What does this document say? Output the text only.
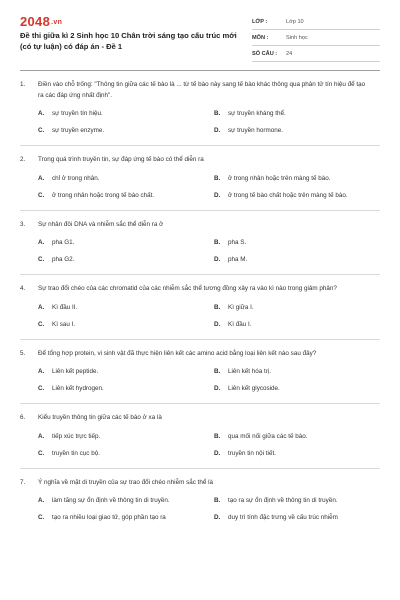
2048.vn
Đề thi giữa kì 2 Sinh học 10 Chân trời sáng tạo cấu trúc mới (có tự luận) có đáp án - Đề 1
LỚP :	Lớp 10
MÔN :	Sinh học
SỐ CÂU :	24
1.	Điền vào chỗ trống: "Thông tin giữa các tế bào là ... từ tế bào này sang tế bào khác thông qua phân tử tín hiệu để tạo ra các đáp ứng nhất định".
A.	sự truyền tín hiệu.	B.	sự truyền kháng thể.
C.	sự truyền enzyme.	D.	sự truyền hormone.
2.	Trong quá trình truyền tin, sự đáp ứng tế bào có thể diễn ra
A.	chỉ ở trong nhân.	B.	ở trong nhân hoặc trên màng tế bào.
C.	ở trong nhân hoặc trong tế bào chất.	D.	ở trong tế bào chất hoặc trên màng tế bào.
3.	Sự nhân đôi DNA và nhiễm sắc thể diễn ra ở
A.	pha G1.	B.	pha S.
C.	pha G2.	D.	pha M.
4.	Sự trao đổi chéo của các chromatid của các nhiễm sắc thể tương đồng xảy ra vào kì nào trong giảm phân?
A.	Kì đầu II.	B.	Kì giữa I.
C.	Kì sau I.	D.	Kì đầu I.
5.	Để tổng hợp protein, vi sinh vật đã thực hiện liên kết các amino acid bằng loại liên kết nào sau đây?
A.	Liên kết peptide.	B.	Liên kết hóa trị.
C.	Liên kết hydrogen.	D.	Liên kết glycoside.
6.	Kiểu truyền thông tin giữa các tế bào ở xa là
A.	tiếp xúc trực tiếp.	B.	qua mối nối giữa các tế bào.
C.	truyền tin cục bộ.	D.	truyền tin nội tiết.
7.	Ý nghĩa về mặt di truyền của sự trao đổi chéo nhiễm sắc thể là
A.	làm tăng sự ổn định về thông tin di truyền.	B.	tạo ra sự ổn định về thông tin di truyền.
C.	tạo ra nhiều loại giao tử, góp phần tạo ra	D.	duy trì tính đặc trưng về cấu trúc nhiễm
